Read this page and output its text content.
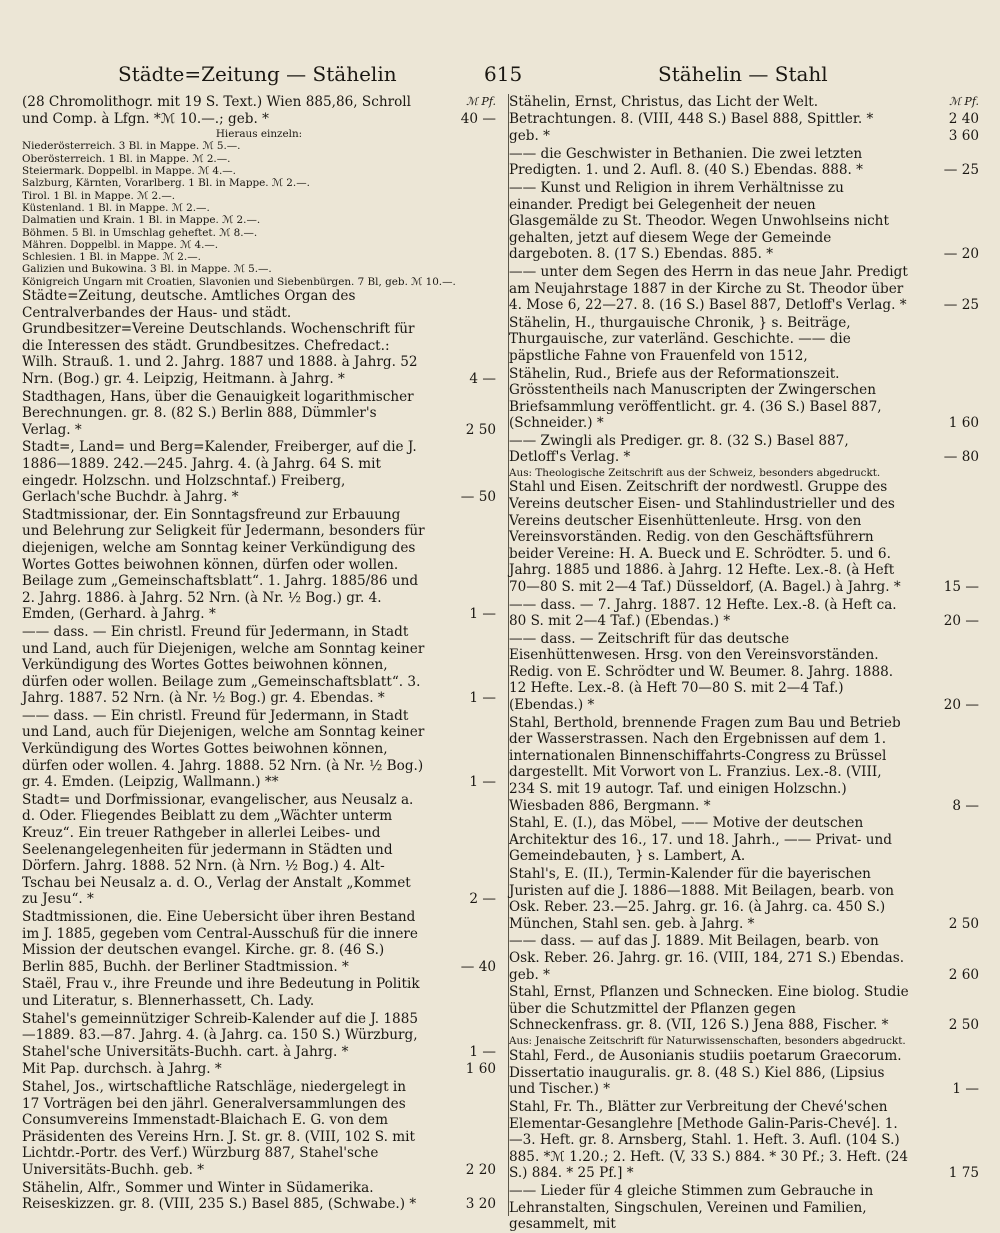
Städte=Zeitung — Stähelin	615	Stähelin — Stahl
ℳ Pf.
(28 Chromolithogr. mit 19 S. Text.) Wien 885,86, Schroll und Comp. à Lfgn. *ℳ 10.—.; geb. *	40 —
Hieraus einzeln:
Niederösterreich. 3 Bl. in Mappe. ℳ 5.—.
Oberösterreich. 1 Bl. in Mappe. ℳ 2.—.
Steiermark. Doppelbl. in Mappe. ℳ 4.—.
Salzburg, Kärnten, Vorarlberg. 1 Bl. in Mappe. ℳ 2.—.
Tirol. 1 Bl. in Mappe. ℳ 2.—.
Küstenland. 1 Bl. in Mappe. ℳ 2.—.
Dalmatien und Krain. 1 Bl. in Mappe. ℳ 2.—.
Böhmen. 5 Bl. in Umschlag geheftet. ℳ 8.—.
Mähren. Doppelbl. in Mappe. ℳ 4.—.
Schlesien. 1 Bl. in Mappe. ℳ 2.—.
Galizien und Bukowina. 3 Bl. in Mappe. ℳ 5.—.
Königreich Ungarn mit Croatien, Slavonien und Siebenbürgen. 7 Bl, geb. ℳ 10.—.
Städte=Zeitung, deutsche. Amtliches Organ des Centralverbandes der Haus- und städt. Grundbesitzer=Vereine Deutschlands. Wochenschrift für die Interessen des städt. Grundbesitzes. Chefredact.: Wilh. Strauß. 1. und 2. Jahrg. 1887 und 1888. à Jahrg. 52 Nrn. (Bog.) gr. 4. Leipzig, Heitmann. à Jahrg. *	4 —
Stadthagen, Hans, über die Genauigkeit logarithmischer Berechnungen. gr. 8. (82 S.) Berlin 888, Dümmler's Verlag. *	2 50
Stadt=, Land= und Berg=Kalender, Freiberger, auf die J. 1886—1889. 242.—245. Jahrg. 4. (à Jahrg. 64 S. mit eingedr. Holzschn. und Holzschntaf.) Freiberg, Gerlach'sche Buchdr. à Jahrg. *	— 50
Stadtmissionar, der. Ein Sonntagsfreund zur Erbauung und Belehrung zur Seligkeit für Jedermann, besonders für diejenigen, welche am Sonntag keiner Verkündigung des Wortes Gottes beiwohnen können, dürfen oder wollen. Beilage zum „Gemeinschaftsblatt“. 1. Jahrg. 1885/86 und 2. Jahrg. 1886. à Jahrg. 52 Nrn. (à Nr. ½ Bog.) gr. 4. Emden, (Gerhard. à Jahrg. *	1 —
—— dass. — Ein christl. Freund für Jedermann, in Stadt und Land, auch für Diejenigen, welche am Sonntag keiner Verkündigung des Wortes Gottes beiwohnen können, dürfen oder wollen. Beilage zum „Gemeinschaftsblatt“. 3. Jahrg. 1887. 52 Nrn. (à Nr. ½ Bog.) gr. 4. Ebendas. *	1 —
—— dass. — Ein christl. Freund für Jedermann, in Stadt und Land, auch für Diejenigen, welche am Sonntag keiner Verkündigung des Wortes Gottes beiwohnen können, dürfen oder wollen. 4. Jahrg. 1888. 52 Nrn. (à Nr. ½ Bog.) gr. 4. Emden. (Leipzig, Wallmann.) **	1 —
Stadt= und Dorfmissionar, evangelischer, aus Neusalz a. d. Oder. Fliegendes Beiblatt zu dem „Wächter unterm Kreuz“. Ein treuer Rathgeber in allerlei Leibes- und Seelenangelegenheiten für jedermann in Städten und Dörfern. Jahrg. 1888. 52 Nrn. (à Nrn. ½ Bog.) 4. Alt-Tschau bei Neusalz a. d. O., Verlag der Anstalt „Kommet zu Jesu“. *	2 —
Stadtmissionen, die. Eine Uebersicht über ihren Bestand im J. 1885, gegeben vom Central-Ausschuß für die innere Mission der deutschen evangel. Kirche. gr. 8. (46 S.) Berlin 885, Buchh. der Berliner Stadtmission. *	— 40
Staël, Frau v., ihre Freunde und ihre Bedeutung in Politik und Literatur, s. Blennerhassett, Ch. Lady.
Stahel's gemeinnütziger Schreib-Kalender auf die J. 1885—1889. 83.—87. Jahrg. 4. (à Jahrg. ca. 150 S.) Würzburg, Stahel'sche Universitäts-Buchh. cart. à Jahrg. *	1 —
Mit Pap. durchsch. à Jahrg. *	1 60
Stahel, Jos., wirtschaftliche Ratschläge, niedergelegt in 17 Vorträgen bei den jährl. Generalversammlungen des Consumvereins Immenstadt-Blaichach E. G. von dem Präsidenten des Vereins Hrn. J. St. gr. 8. (VIII, 102 S. mit Lichtdr.-Portr. des Verf.) Würzburg 887, Stahel'sche Universitäts-Buchh. geb. *	2 20
Stähelin, Alfr., Sommer und Winter in Südamerika. Reiseskizzen. gr. 8. (VIII, 235 S.) Basel 885, (Schwabe.) *	3 20
ℳ Pf.
Stähelin, Ernst, Christus, das Licht der Welt. Betrachtungen. 8. (VIII, 448 S.) Basel 888, Spittler. *	2 40
geb. *	3 60
—— die Geschwister in Bethanien. Die zwei letzten Predigten. 1. und 2. Aufl. 8. (40 S.) Ebendas. 888. *	— 25
—— Kunst und Religion in ihrem Verhältnisse zu einander. Predigt bei Gelegenheit der neuen Glasgemälde zu St. Theodor. Wegen Unwohlseins nicht gehalten, jetzt auf diesem Wege der Gemeinde dargeboten. 8. (17 S.) Ebendas. 885. *	— 20
—— unter dem Segen des Herrn in das neue Jahr. Predigt am Neujahrstage 1887 in der Kirche zu St. Theodor über 4. Mose 6, 22—27. 8. (16 S.) Basel 887, Detloff's Verlag. *	— 25
Stähelin, H., thurgauische Chronik, } s. Beiträge, Thurgauische, zur vaterländ. Geschichte. —— die päpstliche Fahne von Frauenfeld von 1512,
Stähelin, Rud., Briefe aus der Reformationszeit. Grösstentheils nach Manuscripten der Zwingerschen Briefsammlung veröffentlicht. gr. 4. (36 S.) Basel 887, (Schneider.) *	1 60
—— Zwingli als Prediger. gr. 8. (32 S.) Basel 887, Detloff's Verlag. *	— 80
Aus: Theologische Zeitschrift aus der Schweiz, besonders abgedruckt.
Stahl und Eisen. Zeitschrift der nordwestl. Gruppe des Vereins deutscher Eisen- und Stahlindustrieller und des Vereins deutscher Eisenhüttenleute. Hrsg. von den Vereinsvorständen. Redig. von den Geschäftsführern beider Vereine: H. A. Bueck und E. Schrödter. 5. und 6. Jahrg. 1885 und 1886. à Jahrg. 12 Hefte. Lex.-8. (à Heft 70—80 S. mit 2—4 Taf.) Düsseldorf, (A. Bagel.) à Jahrg. *	15 —
—— dass. — 7. Jahrg. 1887. 12 Hefte. Lex.-8. (à Heft ca. 80 S. mit 2—4 Taf.) (Ebendas.) *	20 —
—— dass. — Zeitschrift für das deutsche Eisenhüttenwesen. Hrsg. von den Vereinsvorständen. Redig. von E. Schrödter und W. Beumer. 8. Jahrg. 1888. 12 Hefte. Lex.-8. (à Heft 70—80 S. mit 2—4 Taf.) (Ebendas.) *	20 —
Stahl, Berthold, brennende Fragen zum Bau und Betrieb der Wasserstrassen. Nach den Ergebnissen auf dem 1. internationalen Binnenschiffahrts-Congress zu Brüssel dargestellt. Mit Vorwort von L. Franzius. Lex.-8. (VIII, 234 S. mit 19 autogr. Taf. und einigen Holzschn.) Wiesbaden 886, Bergmann. *	8 —
Stahl, E. (I.), das Möbel, —— Motive der deutschen Architektur des 16., 17. und 18. Jahrh., —— Privat- und Gemeindebauten, } s. Lambert, A.
Stahl's, E. (II.), Termin-Kalender für die bayerischen Juristen auf die J. 1886—1888. Mit Beilagen, bearb. von Osk. Reber. 23.—25. Jahrg. gr. 16. (à Jahrg. ca. 450 S.) München, Stahl sen. geb. à Jahrg. *	2 50
—— dass. — auf das J. 1889. Mit Beilagen, bearb. von Osk. Reber. 26. Jahrg. gr. 16. (VIII, 184, 271 S.) Ebendas. geb. *	2 60
Stahl, Ernst, Pflanzen und Schnecken. Eine biolog. Studie über die Schutzmittel der Pflanzen gegen Schneckenfrass. gr. 8. (VII, 126 S.) Jena 888, Fischer. *	2 50
Aus: Jenaische Zeitschrift für Naturwissenschaften, besonders abgedruckt.
Stahl, Ferd., de Ausonianis studiis poetarum Graecorum. Dissertatio inauguralis. gr. 8. (48 S.) Kiel 886, (Lipsius und Tischer.) *	1 —
Stahl, Fr. Th., Blätter zur Verbreitung der Chevé'schen Elementar-Gesanglehre [Methode Galin-Paris-Chevé]. 1.—3. Heft. gr. 8. Arnsberg, Stahl. 1. Heft. 3. Aufl. (104 S.) 885. *ℳ 1.20.; 2. Heft. (V, 33 S.) 884. * 30 Pf.; 3. Heft. (24 S.) 884. * 25 Pf.] *	1 75
—— Lieder für 4 gleiche Stimmen zum Gebrauche in Lehranstalten, Singschulen, Vereinen und Familien, gesammelt, mit
